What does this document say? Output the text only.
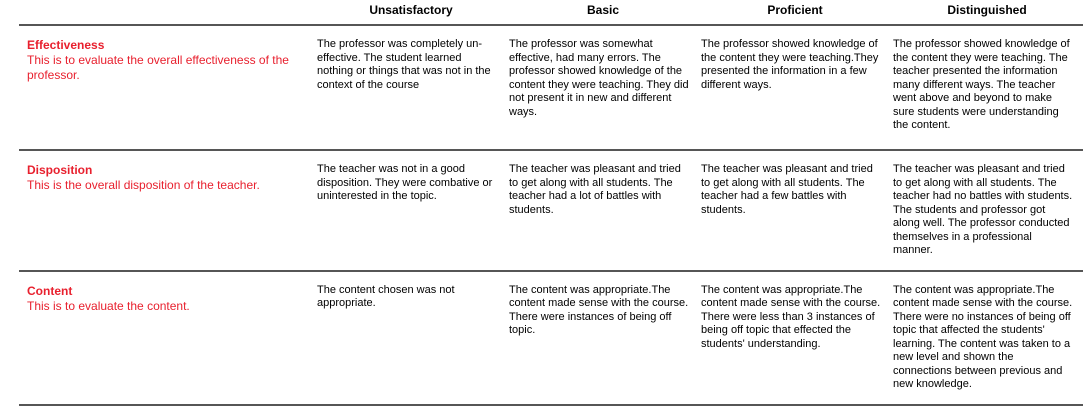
	Unsatisfactory	Basic	Proficient	Distinguished

Effectiveness
This is to evaluate the overall effectiveness of the professor.	The professor was completely un-effective. The student learned nothing or things that was not in the context of the course	The professor was somewhat effective, had many errors. The professor showed knowledge of the content they were teaching. They did not present it in new and different ways.	The professor showed knowledge of the content they were teaching.They presented the information in a few different ways.	The professor showed knowledge of the content they were teaching. The teacher presented the information many different ways. The teacher went above and beyond to make sure students were understanding the content.

Disposition
This is the overall disposition of the teacher.	The teacher was not in a good disposition. They were combative or uninterested in the topic.	The teacher was pleasant and tried to get along with all students. The teacher had a lot of battles with students.	The teacher was pleasant and tried to get along with all students. The teacher had a few battles with students.	The teacher was pleasant and tried to get along with all students. The teacher had no battles with students. The students and professor got along well. The professor conducted themselves in a professional manner.

Content
This is to evaluate the content.	The content chosen was not appropriate.	The content was appropriate.The content made sense with the course. There were instances of being off topic.	The content was appropriate.The content made sense with the course. There were less than 3 instances of being off topic that effected the students' understanding.	The content was appropriate.The content made sense with the course. There were no instances of being off topic that affected the students' learning. The content was taken to a new level and shown the connections between previous and new knowledge.
